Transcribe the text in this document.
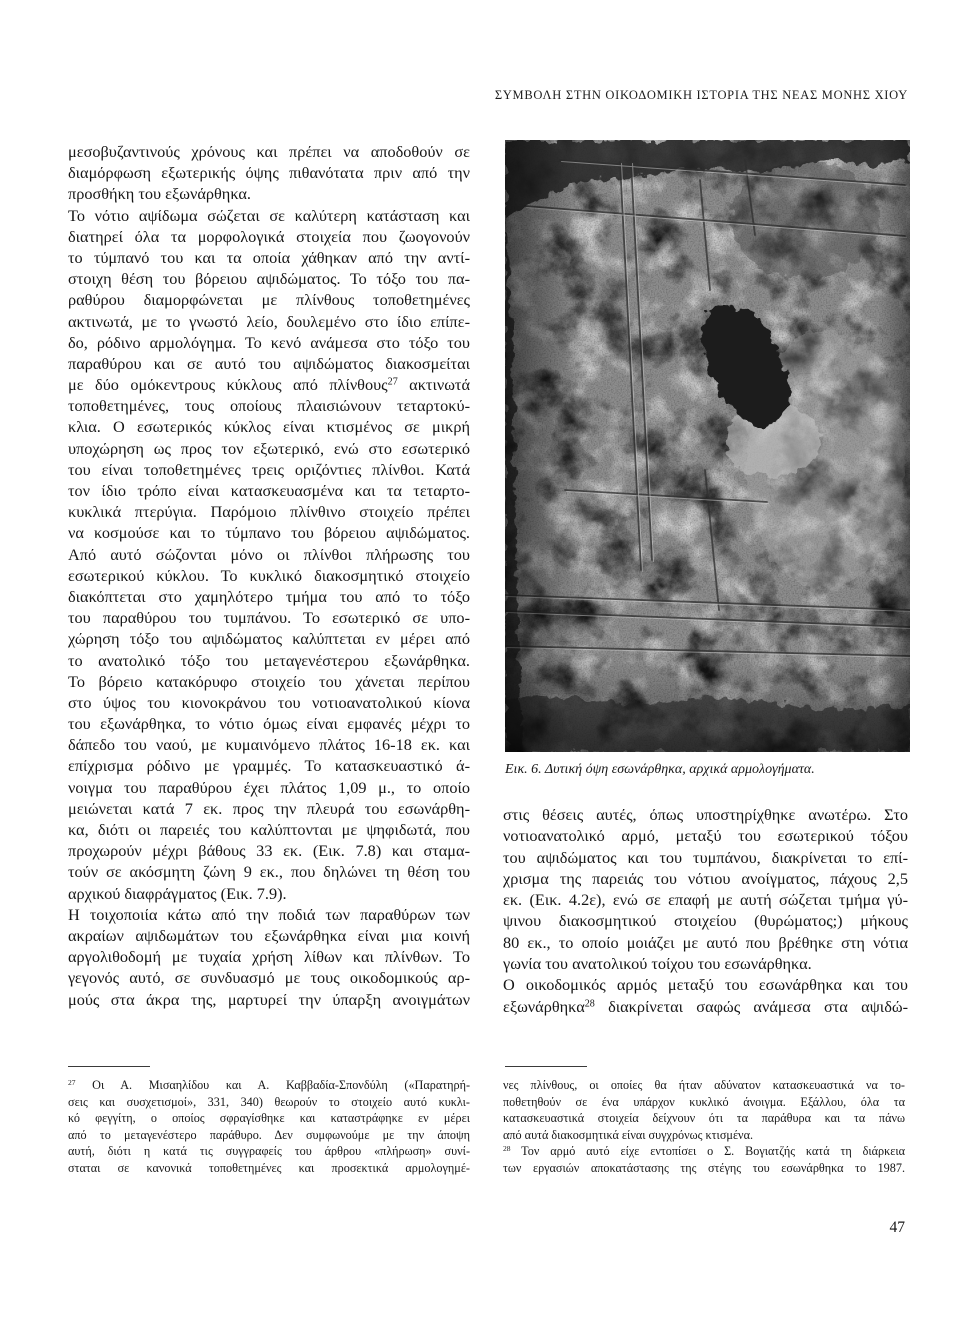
ΣΥΜΒΟΛΗ ΣΤΗΝ ΟΙΚΟΔΟΜΙΚΗ ΙΣΤΟΡΙΑ ΤΗΣ ΝΕΑΣ ΜΟΝΗΣ ΧΙΟΥ
μεσοβυζαντινούς χρόνους και πρέπει να αποδοθούν σε
διαμόρφωση εξωτερικής όψης πιθανότατα πριν από την
προσθήκη του εξωνάρθηκα.
Το νότιο αψίδωμα σώζεται σε καλύτερη κατάσταση και
διατηρεί όλα τα μορφολογικά στοιχεία που ζωογονούν
το τύμπανό του και τα οποία χάθηκαν από την αντί-
στοιχη θέση του βόρειου αψιδώματος. Το τόξο του πα-
ραθύρου διαμορφώνεται με πλίνθους τοποθετημένες
ακτινωτά, με το γνωστό λείο, δουλεμένο στο ίδιο επίπε-
δο, ρόδινο αρμολόγημα. Το κενό ανάμεσα στο τόξο του
παραθύρου και σε αυτό του αψιδώματος διακοσμείται
με δύο ομόκεντρους κύκλους από πλίνθους$^{27}$ ακτινωτά
τοποθετημένες, τους οποίους πλαισιώνουν τεταρτοκύ-
κλια. Ο εσωτερικός κύκλος είναι κτισμένος σε μικρή
υποχώρηση ως προς τον εξωτερικό, ενώ στο εσωτερικό
του είναι τοποθετημένες τρεις οριζόντιες πλίνθοι. Κατά
τον ίδιο τρόπο είναι κατασκευασμένα και τα τεταρτο-
κυκλικά πτερύγια. Παρόμοιο πλίνθινο στοιχείο πρέπει
να κοσμούσε και το τύμπανο του βόρειου αψιδώματος.
Από αυτό σώζονται μόνο οι πλίνθοι πλήρωσης του
εσωτερικού κύκλου. Το κυκλικό διακοσμητικό στοιχείο
διακόπτεται στο χαμηλότερο τμήμα του από το τόξο
του παραθύρου του τυμπάνου. Το εσωτερικό σε υπο-
χώρηση τόξο του αψιδώματος καλύπτεται εν μέρει από
το ανατολικό τόξο του μεταγενέστερου εξωνάρθηκα.
Το βόρειο κατακόρυφο στοιχείο του χάνεται περίπου
στο ύψος του κιονοκράνου του νοτιοανατολικού κίονα
του εξωνάρθηκα, το νότιο όμως είναι εμφανές μέχρι το
δάπεδο του ναού, με κυμαινόμενο πλάτος 16-18 εκ. και
επίχρισμα ρόδινο με γραμμές. Το κατασκευαστικό ά-
νοιγμα του παραθύρου έχει πλάτος 1,09 μ., το οποίο
μειώνεται κατά 7 εκ. προς την πλευρά του εσωνάρθη-
κα, διότι οι παρειές του καλύπτονται με ψηφιδωτά, που
προχωρούν μέχρι βάθους 33 εκ. (Εικ. 7.8) και σταμα-
τούν σε ακόσμητη ζώνη 9 εκ., που δηλώνει τη θέση του
αρχικού διαφράγματος (Εικ. 7.9).
Η τοιχοποιία κάτω από την ποδιά των παραθύρων των
ακραίων αψιδωμάτων του εξωνάρθηκα είναι μια κοινή
αργολιθοδομή με τυχαία χρήση λίθων και πλίνθων. Το
γεγονός αυτό, σε συνδυασμό με τους οικοδομικούς αρ-
μούς στα άκρα της, μαρτυρεί την ύπαρξη ανοιγμάτων
Εικ. 6. Δυτική όψη εσωνάρθηκα, αρχικά αρμολογήματα.
στις θέσεις αυτές, όπως υποστηρίχθηκε ανωτέρω. Στο
νοτιοανατολικό αρμό, μεταξύ του εσωτερικού τόξου
του αψιδώματος και του τυμπάνου, διακρίνεται το επί-
χρισμα της παρειάς του νότιου ανοίγματος, πάχους 2,5
εκ. (Εικ. 4.2ε), ενώ σε επαφή με αυτή σώζεται τμήμα γύ-
ψινου διακοσμητικού στοιχείου (θυρώματος;) μήκους
80 εκ., το οποίο μοιάζει με αυτό που βρέθηκε στη νότια
γωνία του ανατολικού τοίχου του εσωνάρθηκα.
Ο οικοδομικός αρμός μεταξύ του εσωνάρθηκα και του
εξωνάρθηκα$^{28}$ διακρίνεται σαφώς ανάμεσα στα αψιδώ-
$^{27}$ Οι Α. Μισαηλίδου και Α. Καββαδία-Σπονδύλη («Παρατηρή-
σεις και συσχετισμοί», 331, 340) θεωρούν το στοιχείο αυτό κυκλι-
κό φεγγίτη, ο οποίος σφραγίσθηκε και καταστράφηκε εν μέρει
από το μεταγενέστερο παράθυρο. Δεν συμφωνούμε με την άποψη
αυτή, διότι η κατά τις συγγραφείς του άρθρου «πλήρωση» συνί-
σταται σε κανονικά τοποθετημένες και προσεκτικά αρμολογημέ-
νες πλίνθους, οι οποίες θα ήταν αδύνατον κατασκευαστικά να το-
ποθετηθούν σε ένα υπάρχον κυκλικό άνοιγμα. Εξάλλου, όλα τα
κατασκευαστικά στοιχεία δείχνουν ότι τα παράθυρα και τα πάνω
από αυτά διακοσμητικά είναι συγχρόνως κτισμένα.
$^{28}$ Τον αρμό αυτό είχε εντοπίσει ο Σ. Βογιατζής κατά τη διάρκεια
των εργασιών αποκατάστασης της στέγης του εσωνάρθηκα το 1987.
47
